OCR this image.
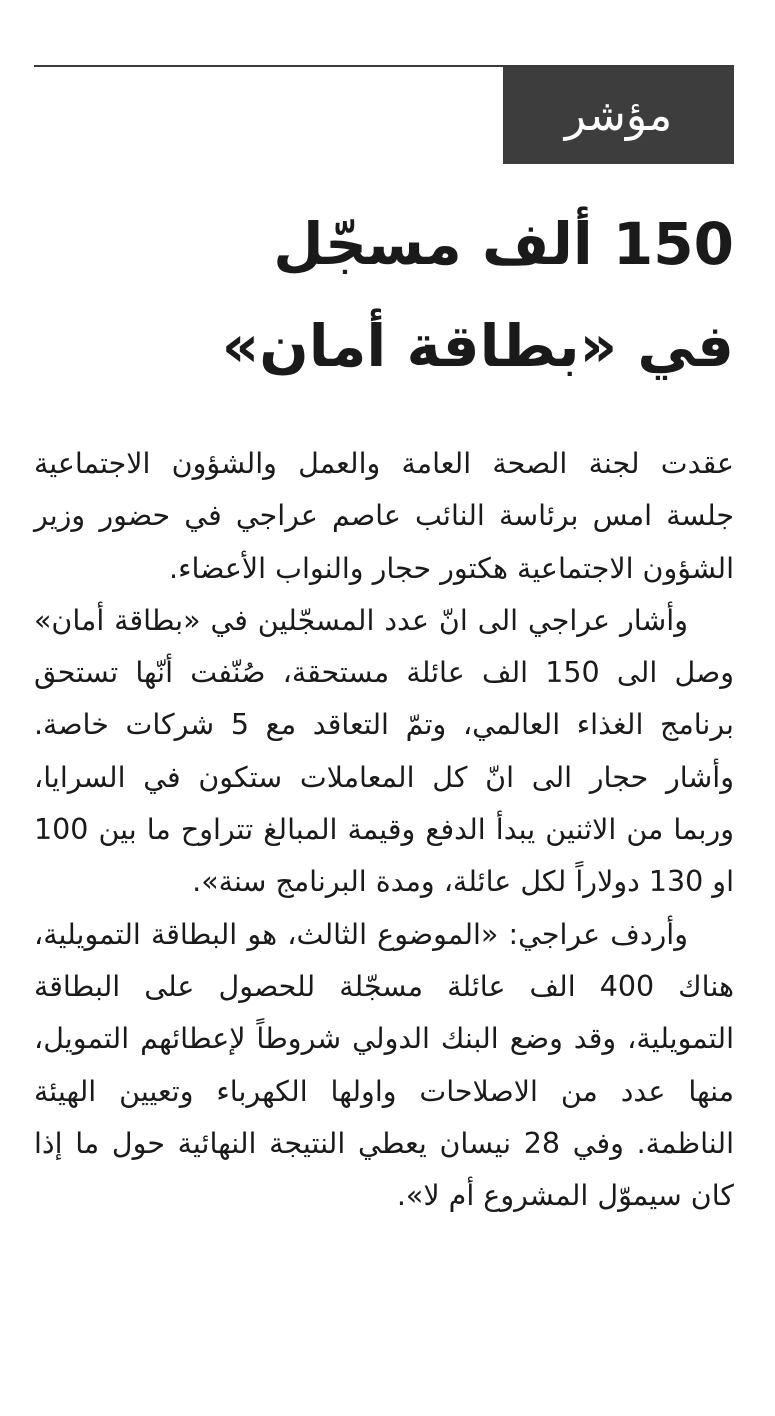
مؤشر
150 ألف مسجّل
في «بطاقة أمان»

عقدت لجنة الصحة العامة والعمل والشؤون الاجتماعية جلسة امس برئاسة النائب عاصم عراجي في حضور وزير الشؤون الاجتماعية هكتور حجار والنواب الأعضاء.

وأشار عراجي الى انّ عدد المسجّلين في «بطاقة أمان» وصل الى 150 الف عائلة مستحقة، صُنّفت أنّها تستحق برنامج الغذاء العالمي، وتمّ التعاقد مع 5 شركات خاصة. وأشار حجار الى انّ كل المعاملات ستكون في السرايا، وربما من الاثنين يبدأ الدفع وقيمة المبالغ تتراوح ما بين 100 او 130 دولاراً لكل عائلة، ومدة البرنامج سنة».

وأردف عراجي: «الموضوع الثالث، هو البطاقة التمويلية، هناك 400 الف عائلة مسجّلة للحصول على البطاقة التمويلية، وقد وضع البنك الدولي شروطاً لإعطائهم التمويل، منها عدد من الاصلاحات واولها الكهرباء وتعيين الهيئة الناظمة. وفي 28 نيسان يعطي النتيجة النهائية حول ما إذا كان سيموّل المشروع أم لا».
